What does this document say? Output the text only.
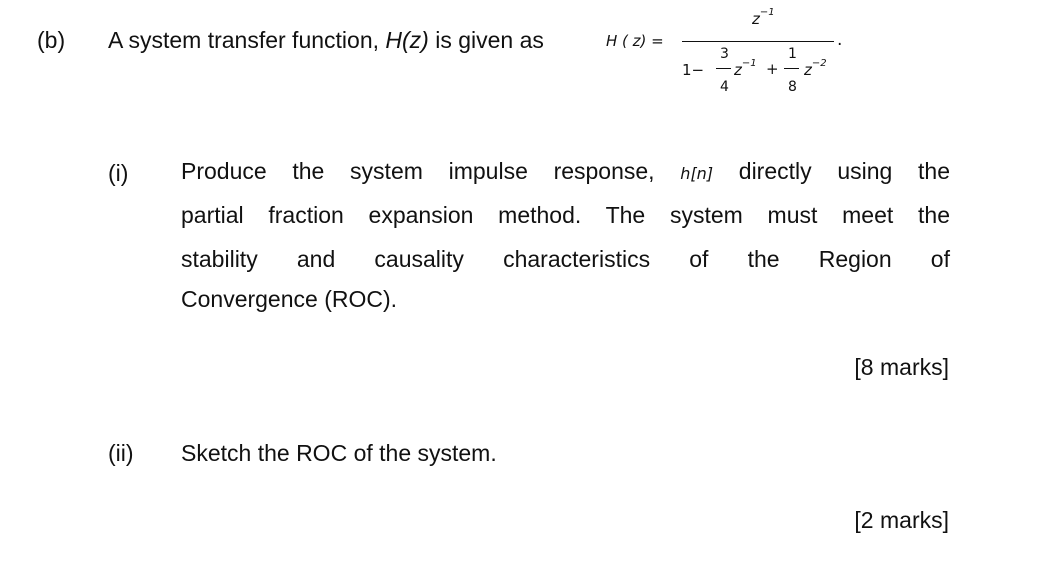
(b) A system transfer function, H(z) is given as	H ( z) =
$z^{-1}$
.
1−
3
4
$z^{-1}$ +
1
8
$z^{-2}$
(i) Produce the system impulse response, h[n] directly using the
partial fraction expansion method. The system must meet the
stability and causality characteristics of the Region of
Convergence (ROC).
[8 marks]
(ii) Sketch the ROC of the system.
[2 marks]
